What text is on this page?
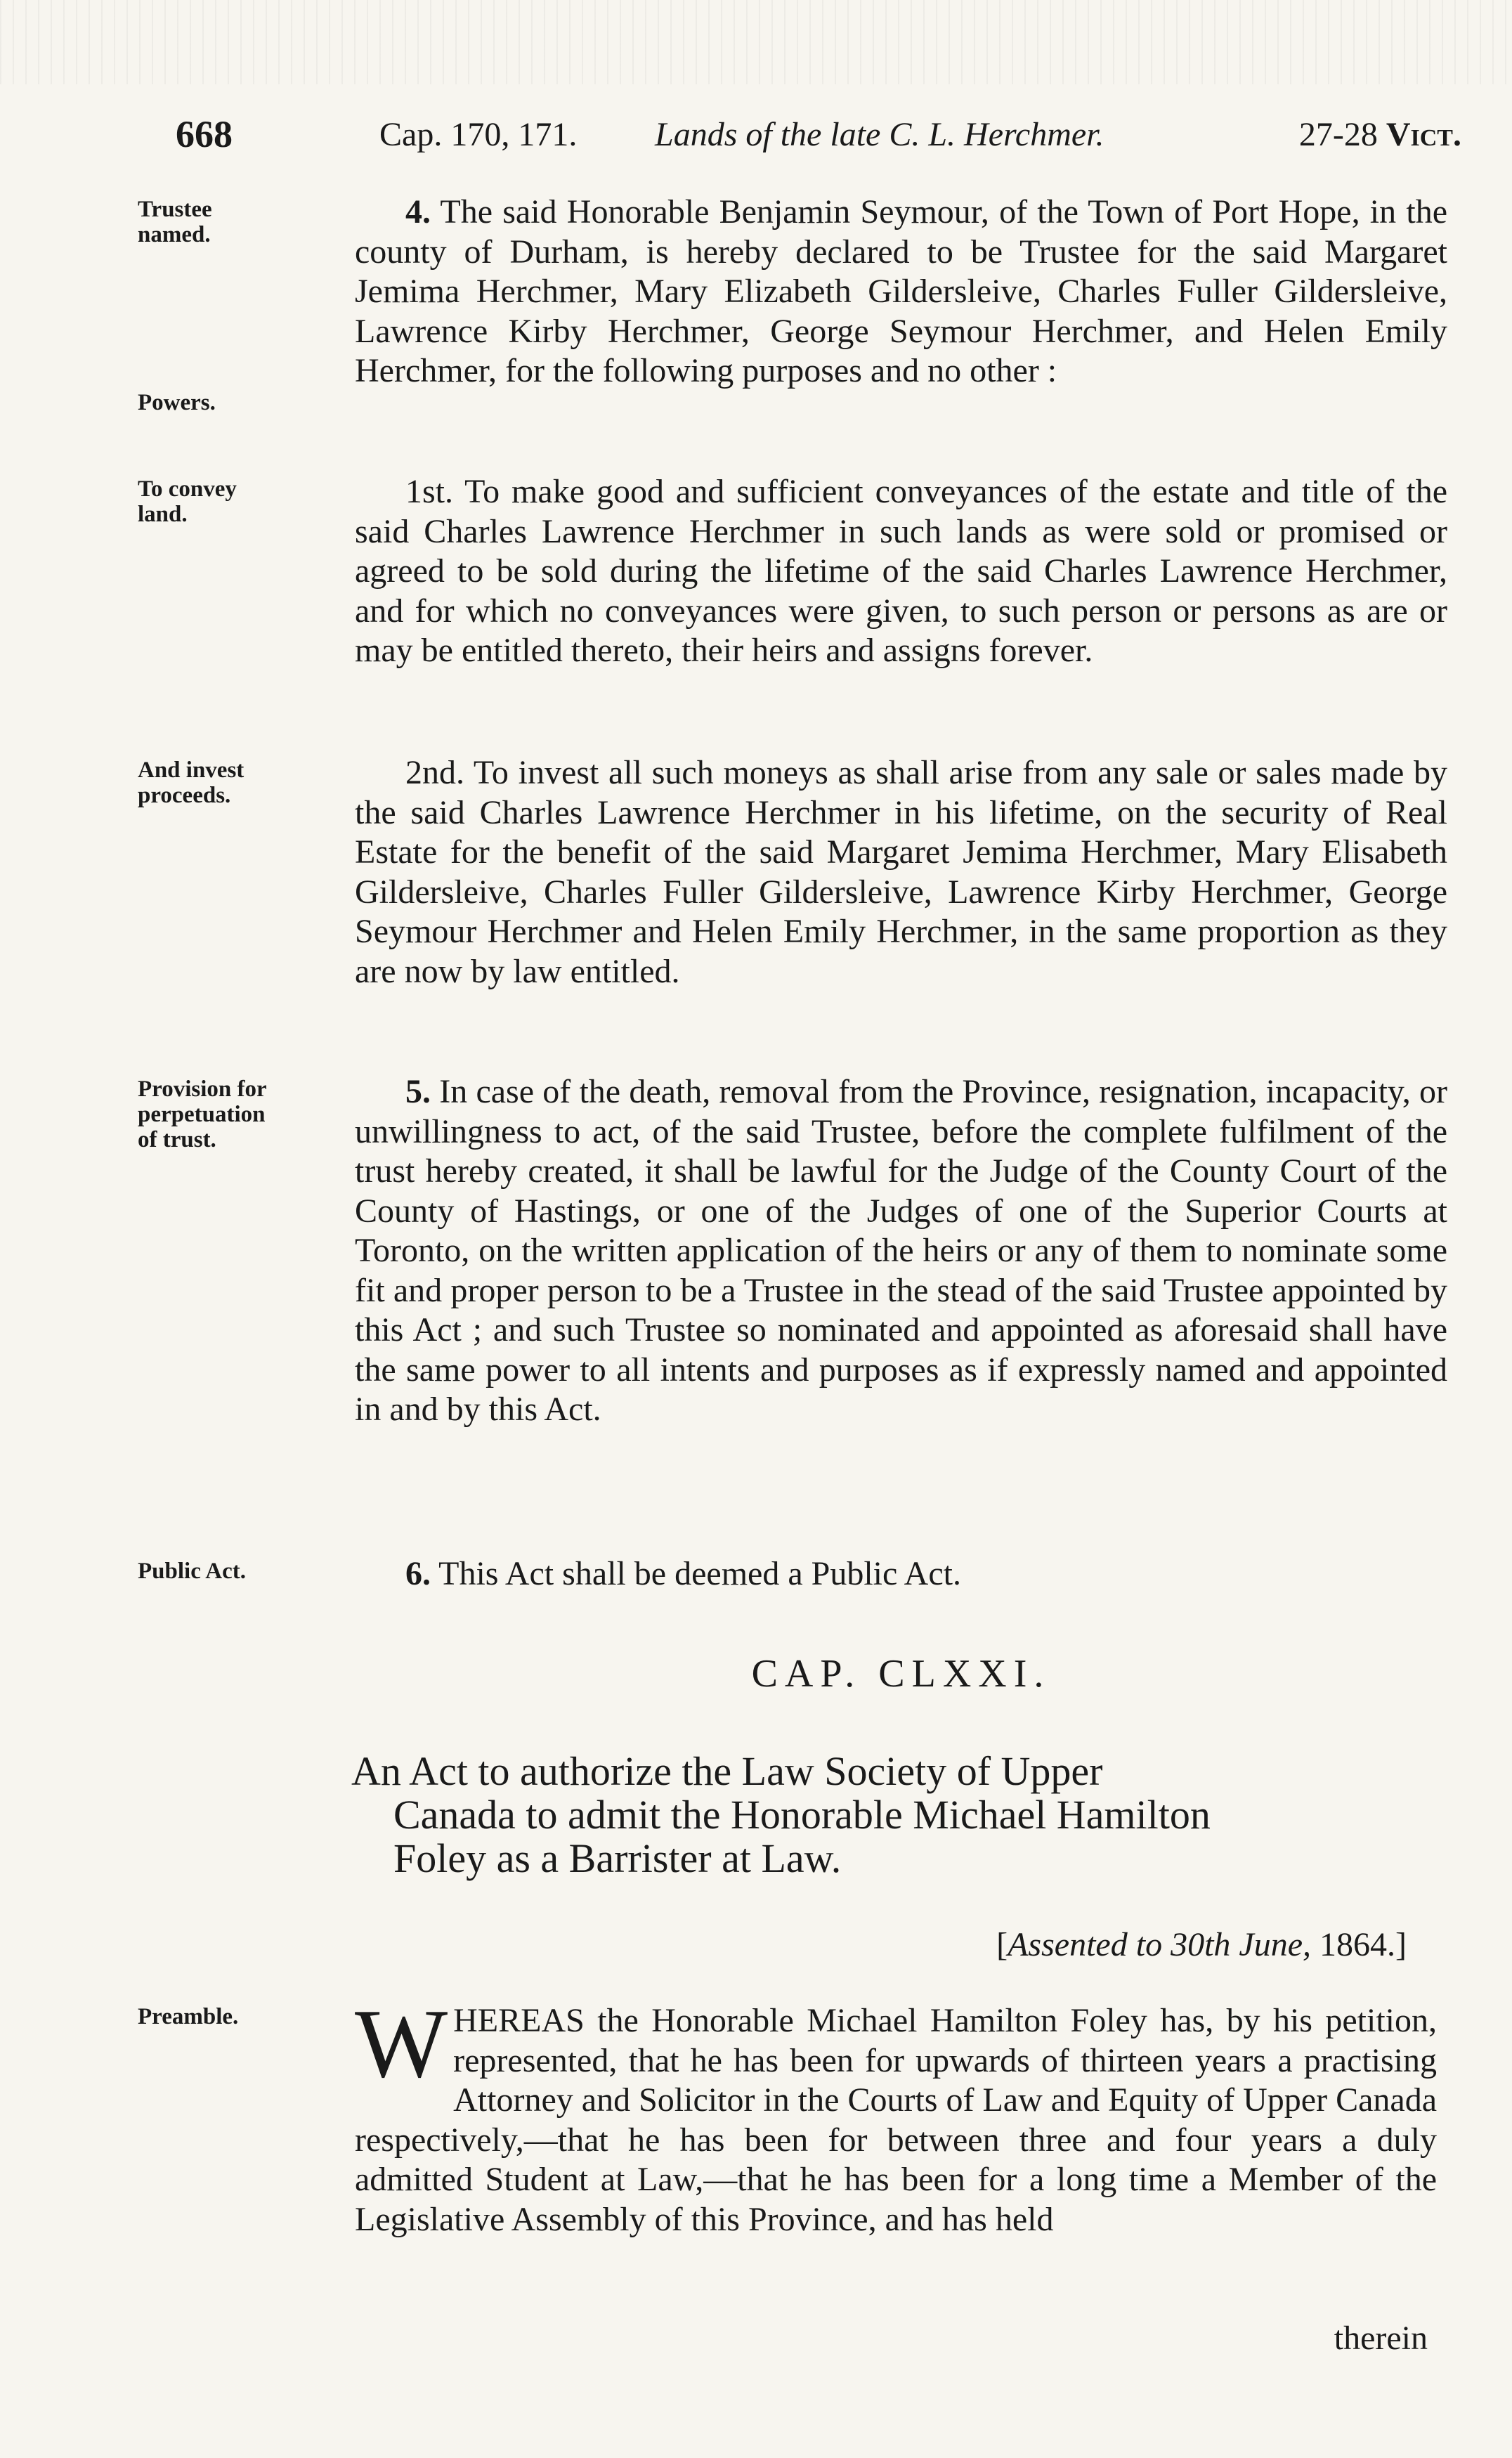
668	Cap. 170, 171. Lands of the late C. L. Herchmer.	27-28 Vict.
Trustee
named.
Powers.
To convey
land.
And invest
proceeds.
Provision for
perpetuation
of trust.
Public Act.
Preamble.
4. The said Honorable Benjamin Seymour, of the Town of Port Hope, in the county of Durham, is hereby declared to be Trustee for the said Margaret Jemima Herchmer, Mary Elizabeth Gildersleive, Charles Fuller Gildersleive, Lawrence Kirby Herchmer, George Seymour Herchmer, and Helen Emily Herchmer, for the following purposes and no other :
1st. To make good and sufficient conveyances of the estate and title of the said Charles Lawrence Herchmer in such lands as were sold or promised or agreed to be sold during the lifetime of the said Charles Lawrence Herchmer, and for which no conveyances were given, to such person or persons as are or may be entitled thereto, their heirs and assigns forever.
2nd. To invest all such moneys as shall arise from any sale or sales made by the said Charles Lawrence Herchmer in his lifetime, on the security of Real Estate for the benefit of the said Margaret Jemima Herchmer, Mary Elisabeth Gildersleive, Charles Fuller Gildersleive, Lawrence Kirby Herchmer, George Seymour Herchmer and Helen Emily Herchmer, in the same proportion as they are now by law entitled.
5. In case of the death, removal from the Province, resignation, incapacity, or unwillingness to act, of the said Trustee, before the complete fulfilment of the trust hereby created, it shall be lawful for the Judge of the County Court of the County of Hastings, or one of the Judges of one of the Superior Courts at Toronto, on the written application of the heirs or any of them to nominate some fit and proper person to be a Trustee in the stead of the said Trustee appointed by this Act ; and such Trustee so nominated and appointed as aforesaid shall have the same power to all intents and purposes as if expressly named and appointed in and by this Act.
6. This Act shall be deemed a Public Act.
CAP. CLXXI.
An Act to authorize the Law Society of Upper
Canada to admit the Honorable Michael Hamilton
Foley as a Barrister at Law.
[Assented to 30th June, 1864.]
W HEREAS the Honorable Michael Hamilton Foley has, by his petition, represented, that he has been for upwards of thirteen years a practising Attorney and Solicitor in the Courts of Law and Equity of Upper Canada respectively,—that he has been for between three and four years a duly admitted Student at Law,—that he has been for a long time a Member of the Legislative Assembly of this Province, and has held
therein
